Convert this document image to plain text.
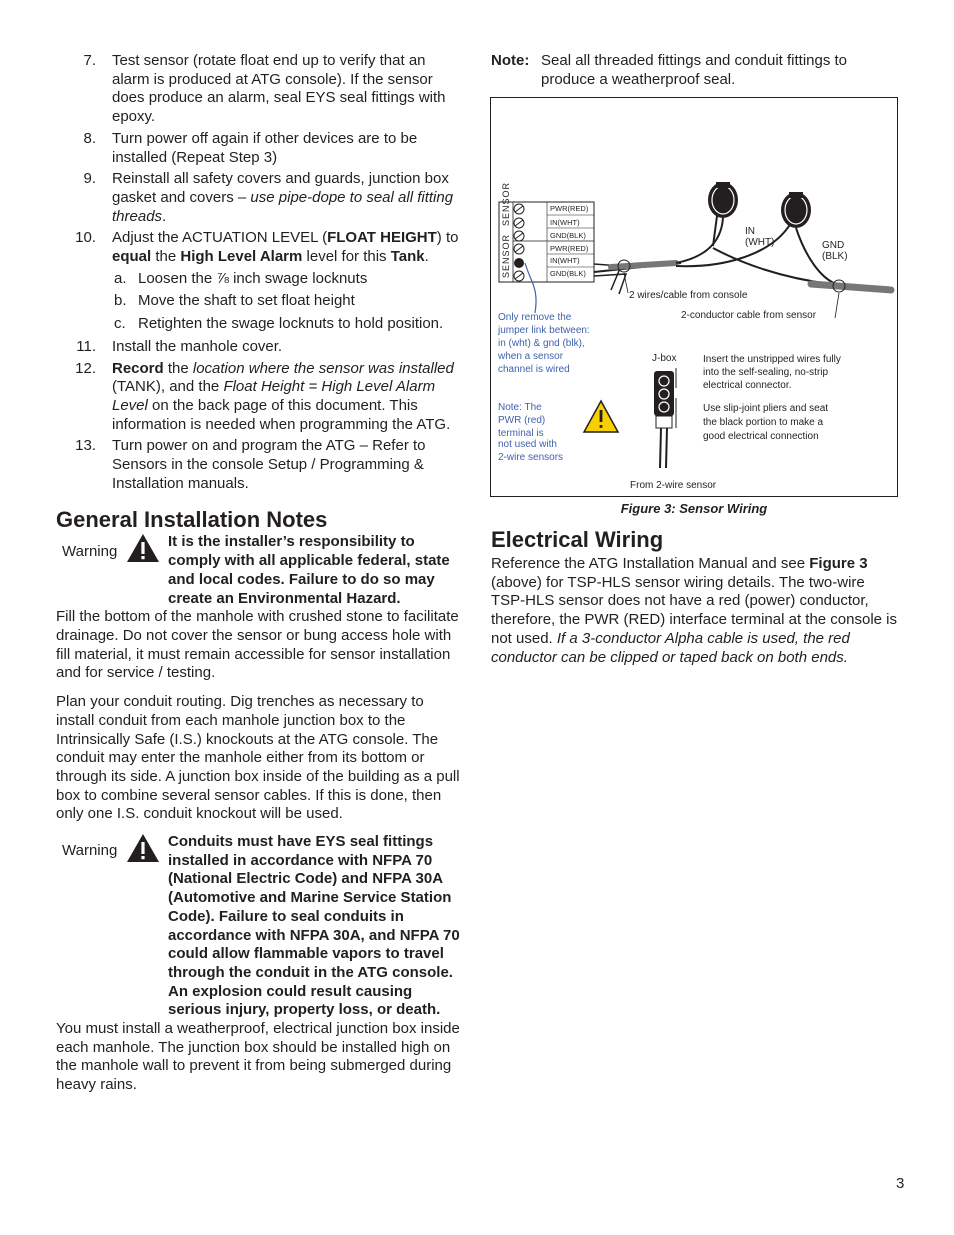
7. Test sensor (rotate float end up to verify that an alarm is produced at ATG console). If the sensor does produce an alarm, seal EYS seal fittings with epoxy.
8. Turn power off again if other devices are to be installed (Repeat Step 3)
9. Reinstall all safety covers and guards, junction box gasket and covers – use pipe-dope to seal all fitting threads.
10. Adjust the ACTUATION LEVEL (FLOAT HEIGHT) to equal the High Level Alarm level for this Tank.
a. Loosen the ⅞ inch swage locknuts
b. Move the shaft to set float height
c. Retighten the swage locknuts to hold position.
11. Install the manhole cover.
12. Record the location where the sensor was installed (TANK), and the Float Height = High Level Alarm Level on the back page of this document. This information is needed when programming the ATG.
13. Turn power on and program the ATG – Refer to Sensors in the console Setup / Programming & Installation manuals.
General Installation Notes
Warning
It is the installer’s responsibility to comply with all applicable federal, state and local codes. Failure to do so may create an Environmental Hazard.

Fill the bottom of the manhole with crushed stone to facilitate drainage. Do not cover the sensor or bung access hole with fill material, it must remain accessible for sensor installation and for service / testing.

Plan your conduit routing. Dig trenches as necessary to install conduit from each manhole junction box to the Intrinsically Safe (I.S.) knockouts at the ATG console. The conduit may enter the manhole either from its bottom or through its side. A junction box inside of the building as a pull box to combine several sensor cables. If this is done, then only one I.S. conduit knockout will be used.

Warning
Conduits must have EYS seal fittings installed in accordance with NFPA 70 (National Electric Code) and NFPA 30A (Automotive and Marine Service Station Code). Failure to seal conduits in accordance with NFPA 30A, and NFPA 70 could allow flammable vapors to travel through the conduit in the ATG console. An explosion could result causing serious injury, property loss, or death.

You must install a weatherproof, electrical junction box inside each manhole. The junction box should be installed high on the manhole wall to prevent it from being submerged during heavy rains.

Note: Seal all threaded fittings and conduit fittings to produce a weatherproof seal.
SENSOR
SENSOR	PWR(RED)
IN(WHT)
GND(BLK)
PWR(RED)
IN(WHT)
GND(BLK)
IN
(WHT)	GND
(BLK)
2 wires/cable from console
2-conductor cable from sensor
Only remove the
jumper link between:
in (wht) & gnd (blk),
when a sensor
channel is wired
Note: The
PWR (red)
terminal is
not used with
2-wire sensors
J-box	Insert the unstripped wires fully
into the self-sealing, no-strip
electrical connector.
Use slip-joint pliers and seat
the black portion to make a
good electrical connection
From 2-wire sensor
Figure 3: Sensor Wiring
Electrical Wiring

Reference the ATG Installation Manual and see Figure 3 (above) for TSP-HLS sensor wiring details. The two-wire TSP-HLS sensor does not have a red (power) conductor, therefore, the PWR (RED) interface terminal at the console is not used. If a 3-conductor Alpha cable is used, the red conductor can be clipped or taped back on both ends.

3
